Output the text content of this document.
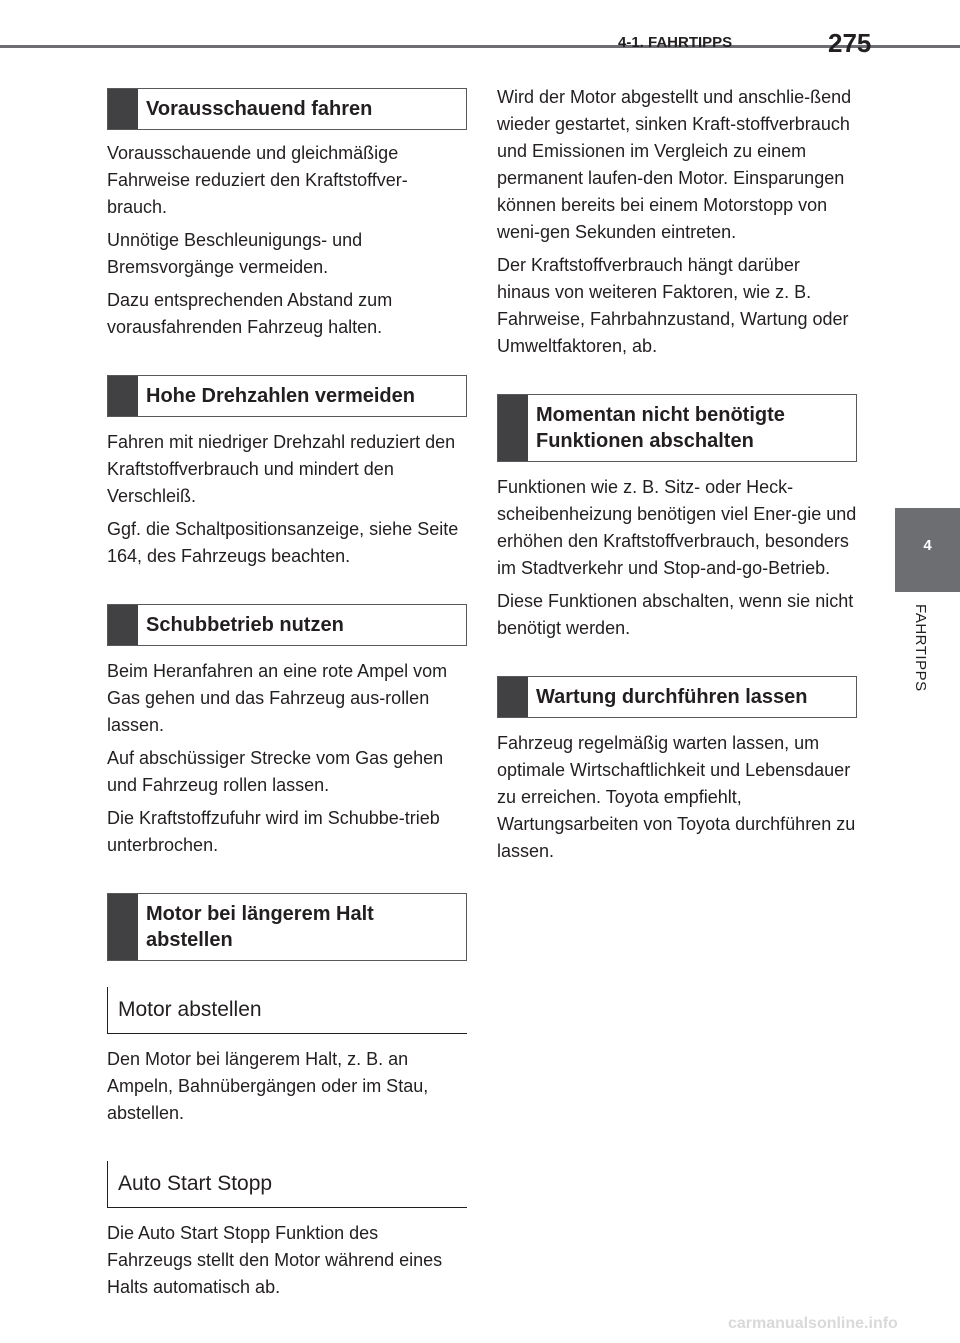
4-1. FAHRTIPPS	275
4
FAHRTIPPS
Vorausschauend fahren

Vorausschauende und gleichmäßige Fahrweise reduziert den Kraftstoffver-brauch.

Unnötige Beschleunigungs- und Bremsvorgänge vermeiden.

Dazu entsprechenden Abstand zum vorausfahrenden Fahrzeug halten.

Hohe Drehzahlen vermeiden

Fahren mit niedriger Drehzahl reduziert den Kraftstoffverbrauch und mindert den Verschleiß.

Ggf. die Schaltpositionsanzeige, siehe Seite 164, des Fahrzeugs beachten.

Schubbetrieb nutzen

Beim Heranfahren an eine rote Ampel vom Gas gehen und das Fahrzeug aus-rollen lassen.

Auf abschüssiger Strecke vom Gas gehen und Fahrzeug rollen lassen.

Die Kraftstoffzufuhr wird im Schubbe-trieb unterbrochen.

Motor bei längerem Halt abstellen
Motor abstellen

Den Motor bei längerem Halt, z. B. an Ampeln, Bahnübergängen oder im Stau, abstellen.

Auto Start Stopp

Die Auto Start Stopp Funktion des Fahrzeugs stellt den Motor während eines Halts automatisch ab.

Wird der Motor abgestellt und anschlie-ßend wieder gestartet, sinken Kraft-stoffverbrauch und Emissionen im Vergleich zu einem permanent laufen-den Motor. Einsparungen können bereits bei einem Motorstopp von weni-gen Sekunden eintreten.

Der Kraftstoffverbrauch hängt darüber hinaus von weiteren Faktoren, wie z. B. Fahrweise, Fahrbahnzustand, Wartung oder Umweltfaktoren, ab.

Momentan nicht benötigte Funktionen abschalten

Funktionen wie z. B. Sitz- oder Heck-scheibenheizung benötigen viel Ener-gie und erhöhen den Kraftstoffverbrauch, besonders im Stadtverkehr und Stop-and-go-Betrieb.

Diese Funktionen abschalten, wenn sie nicht benötigt werden.

Wartung durchführen lassen

Fahrzeug regelmäßig warten lassen, um optimale Wirtschaftlichkeit und Lebensdauer zu erreichen. Toyota empfiehlt, Wartungsarbeiten von Toyota durchführen zu lassen.

carmanualsonline.info
